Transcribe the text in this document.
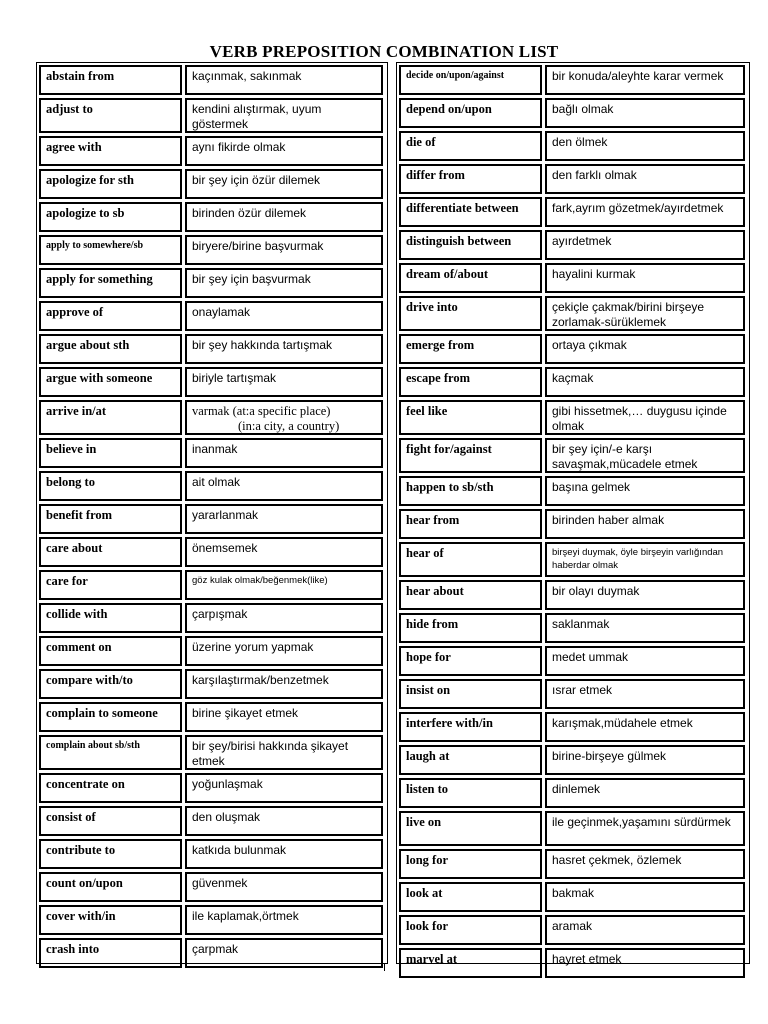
VERB PREPOSITION COMBINATION LIST
abstain from	kaçınmak, sakınmak
adjust to	kendini alıştırmak, uyum göstermek
agree with	aynı fikirde olmak
apologize for sth	bir şey için özür dilemek
apologize to sb	birinden özür dilemek
apply to somewhere/sb	biryere/birine başvurmak
apply for something	bir şey için başvurmak
approve of	onaylamak
argue about sth	bir şey hakkında tartışmak
argue with someone	biriyle tartışmak
arrive in/at	varmak (at:a specific place)
(in:a city, a country)
believe in	inanmak
belong to	ait olmak
benefit from	yararlanmak
care about	önemsemek
care for	göz kulak olmak/beğenmek(like)
collide with	çarpışmak
comment on	üzerine yorum yapmak
compare with/to	karşılaştırmak/benzetmek
complain to someone	birine şikayet etmek
complain about sb/sth	bir şey/birisi hakkında şikayet etmek
concentrate on	yoğunlaşmak
consist of	den oluşmak
contribute to	katkıda bulunmak
count on/upon	güvenmek
cover with/in	ile kaplamak,örtmek
crash into	çarpmak
decide on/upon/against	bir konuda/aleyhte karar vermek
depend on/upon	bağlı olmak
die of	den ölmek
differ from	den farklı olmak
differentiate between	fark,ayrım gözetmek/ayırdetmek
distinguish between	ayırdetmek
dream of/about	hayalini kurmak
drive into	çekiçle çakmak/birini birşeye zorlamak-sürüklemek
emerge from	ortaya çıkmak
escape from	kaçmak
feel like	gibi hissetmek,… duygusu içinde olmak
fight for/against	bir şey için/-e karşı savaşmak,mücadele etmek
happen to sb/sth	başına gelmek
hear from	birinden haber almak
hear of	birşeyi duymak, öyle birşeyin varlığından haberdar olmak
hear about	bir olayı duymak
hide from	saklanmak
hope for	medet ummak
insist on	ısrar etmek
interfere with/in	karışmak,müdahele etmek
laugh at	birine-birşeye gülmek
listen to	dinlemek
live on	ile geçinmek,yaşamını sürdürmek
long for	hasret çekmek, özlemek
look at	bakmak
look for	aramak
marvel at	hayret etmek
